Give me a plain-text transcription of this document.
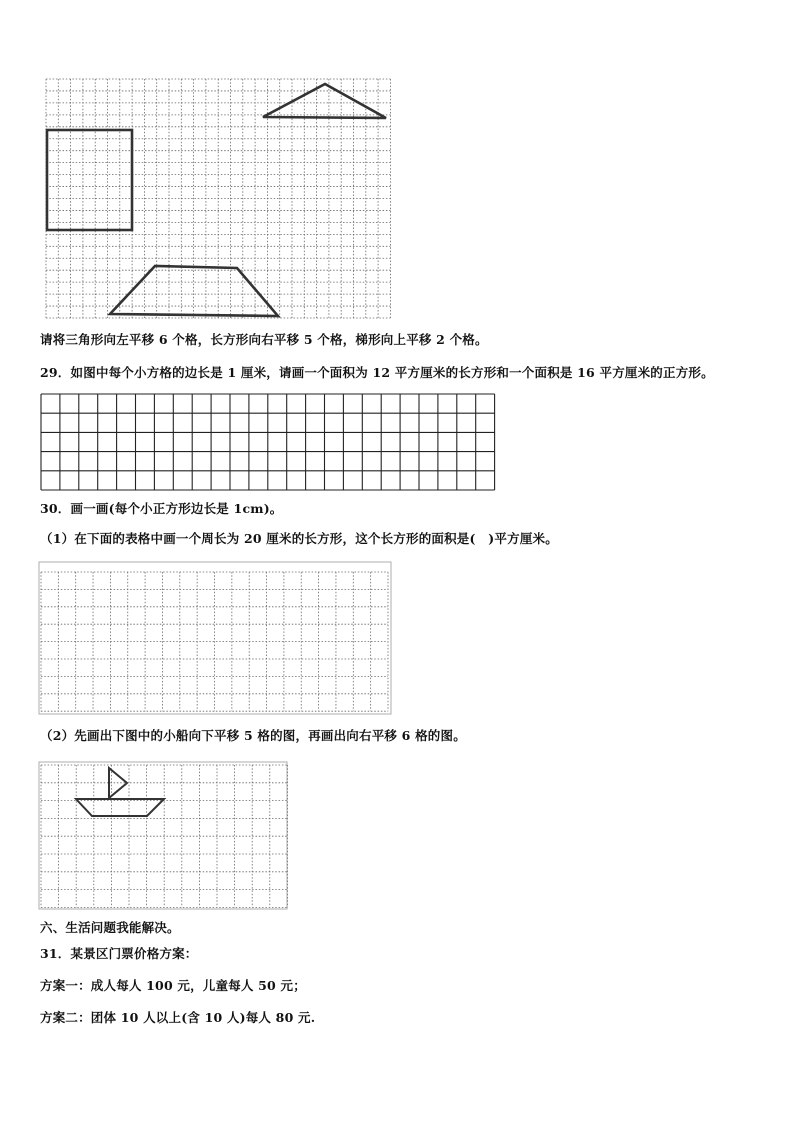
请将三角形向左平移 6 个格，长方形向右平移 5 个格，梯形向上平移 2 个格。

29．如图中每个小方格的边长是 1 厘米，请画一个面积为 12 平方厘米的长方形和一个面积是 16 平方厘米的正方形。

30．画一画(每个小正方形边长是 1cm)。

（1）在下面的表格中画一个周长为 20 厘米的长方形，这个长方形的面积是(　)平方厘米。

（2）先画出下图中的小船向下平移 5 格的图，再画出向右平移 6 格的图。

六、生活问题我能解决。

31．某景区门票价格方案：

方案一：成人每人 100 元，儿童每人 50 元；

方案二：团体 10 人以上(含 10 人)每人 80 元.
